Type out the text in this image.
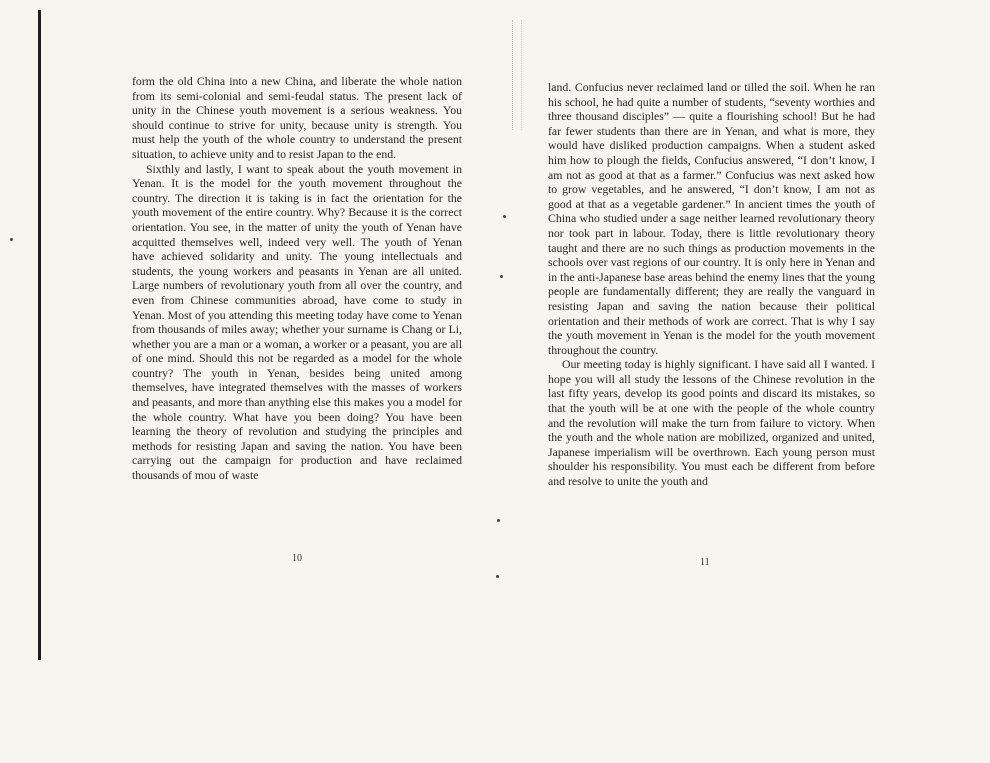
form the old China into a new China, and liberate the whole nation from its semi-colonial and semi-feudal status. The present lack of unity in the Chinese youth movement is a serious weakness. You should continue to strive for unity, because unity is strength. You must help the youth of the whole country to understand the present situation, to achieve unity and to resist Japan to the end.

Sixthly and lastly, I want to speak about the youth movement in Yenan. It is the model for the youth movement throughout the country. The direction it is taking is in fact the orientation for the youth movement of the entire country. Why? Because it is the correct orientation. You see, in the matter of unity the youth of Yenan have acquitted themselves well, indeed very well. The youth of Yenan have achieved solidarity and unity. The young intellectuals and students, the young workers and peasants in Yenan are all united. Large numbers of revolutionary youth from all over the country, and even from Chinese communities abroad, have come to study in Yenan. Most of you attending this meeting today have come to Yenan from thousands of miles away; whether your surname is Chang or Li, whether you are a man or a woman, a worker or a peasant, you are all of one mind. Should this not be regarded as a model for the whole country? The youth in Yenan, besides being united among themselves, have integrated themselves with the masses of workers and peasants, and more than anything else this makes you a model for the whole country. What have you been doing? You have been learning the theory of revolution and studying the principles and methods for resisting Japan and saving the nation. You have been carrying out the campaign for production and have reclaimed thousands of mou of waste

10

land. Confucius never reclaimed land or tilled the soil. When he ran his school, he had quite a number of students, “seventy worthies and three thousand disciples” — quite a flourishing school! But he had far fewer students than there are in Yenan, and what is more, they would have disliked production campaigns. When a student asked him how to plough the fields, Confucius answered, “I don’t know, I am not as good at that as a farmer.” Confucius was next asked how to grow vegetables, and he answered, “I don’t know, I am not as good at that as a vegetable gardener.” In ancient times the youth of China who studied under a sage neither learned revolutionary theory nor took part in labour. Today, there is little revolutionary theory taught and there are no such things as production movements in the schools over vast regions of our country. It is only here in Yenan and in the anti-Japanese base areas behind the enemy lines that the young people are fundamentally different; they are really the vanguard in resisting Japan and saving the nation because their political orientation and their methods of work are correct. That is why I say the youth movement in Yenan is the model for the youth movement throughout the country.

Our meeting today is highly significant. I have said all I wanted. I hope you will all study the lessons of the Chinese revolution in the last fifty years, develop its good points and discard its mistakes, so that the youth will be at one with the people of the whole country and the revolution will make the turn from failure to victory. When the youth and the whole nation are mobilized, organized and united, Japanese imperialism will be overthrown. Each young person must shoulder his responsibility. You must each be different from before and resolve to unite the youth and

11
